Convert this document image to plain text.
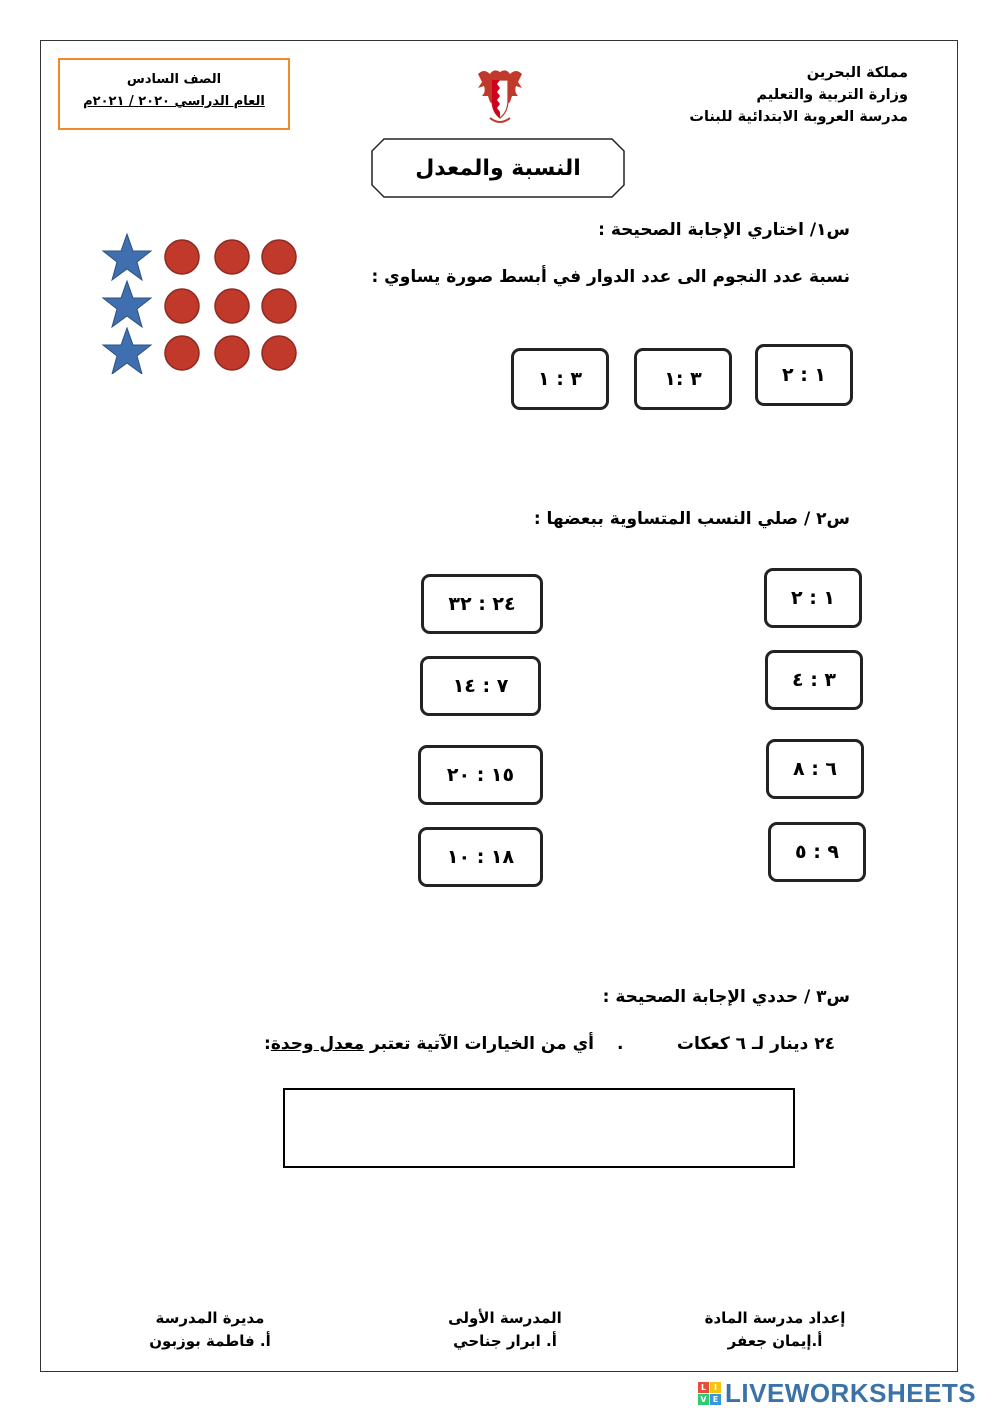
مملكة البحرين
وزارة التربية والتعليم
مدرسة العروبة الابتدائية للبنات
الصف السادس
العام الدراسي ٢٠٢٠ / ٢٠٢١م
النسبة والمعدل
س١/ اختاري الإجابة الصحيحة :
نسبة عدد النجوم الى عدد الدوار في أبسط صورة يساوي :
١ : ٢
٣ :١
٣ : ١
س٢ / صلي النسب المتساوية ببعضها :
١ : ٢
٣ : ٤
٦ : ٨
٩ : ٥
٢٤ : ٣٢
٧ : ١٤
١٥ : ٢٠
١٨ : ١٠
س٣ / حددي الإجابة الصحيحة :
٢٤ دينار لـ ٦ كعكات
.
أي من الخيارات الآتية تعتبر معدل وحدة:
إعداد مدرسة المادة
أ.إيمان جعفر
المدرسة الأولى
أ. ابرار جناحي
مديرة المدرسة
أ. فاطمة بوزبون
L I
V E LIVEWORKSHEETS
